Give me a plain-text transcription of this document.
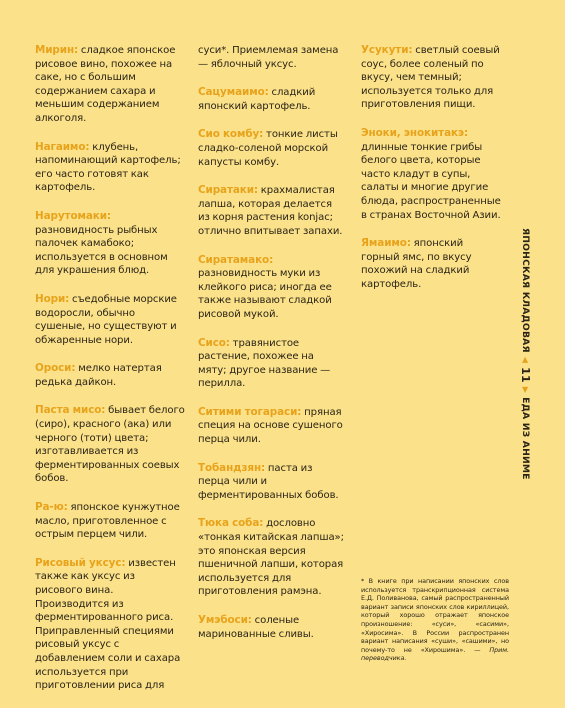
Мирин: сладкое японское рисовое вино, похожее на саке, но с большим содержанием сахара и меньшим содержанием алкоголя.
Нагаимо: клубень, напоминающий картофель; его часто готовят как картофель.
Нарутомаки: разновидность рыбных палочек камабоко; используется в основном для украшения блюд.
Нори: съедобные морские водоросли, обычно сушеные, но существуют и обжаренные нори.
Ороси: мелко натертая редька дайкон.
Паста мисо: бывает белого (сиро), красного (ака) или черного (тоти) цвета; изготавливается из ферментированных соевых бобов.
Ра-ю: японское кунжутное масло, приготовленное с острым перцем чили.
Рисовый уксус: известен также как уксус из рисового вина. Производится из ферментированного риса. Приправленный специями рисовый уксус с добавлением соли и сахара используется при приготовлении риса для
суси*. Приемлемая замена — яблочный уксус.
Сацумаимо: сладкий японский картофель.
Сио комбу: тонкие листы сладко-соленой морской капусты комбу.
Сиратаки: крахмалистая лапша, которая делается из корня растения konjac; отлично впитывает запахи.
Сиратамако: разновидность муки из клейкого риса; иногда ее также называют сладкой рисовой мукой.
Сисо: травянистое растение, похожее на мяту; другое название — перилла.
Ситими тогараси: пряная специя на основе сушеного перца чили.
Тобандзян: паста из перца чили и ферментированных бобов.
Тюка соба: дословно «тонкая китайская лапша»; это японская версия пшеничной лапши, которая используется для приготовления рамэна.
Умэбоси: соленые маринованные сливы.
Усукути: светлый соевый соус, более соленый по вкусу, чем темный; используется только для приготовления пищи.
Эноки, энокитакэ: длинные тонкие грибы белого цвета, которые часто кладут в супы, салаты и многие другие блюда, распространенные в странах Восточной Азии.
Ямаимо: японский горный ямс, по вкусу похожий на сладкий картофель.
* В книге при написании японских слов используется транскрипционная система Е.Д. Поливанова, самый распространенный вариант записи японских слов кириллицей, который хорошо отражает японское произношение: «суси», «сасими», «Хиросима». В России распространен вариант написания «суши», «сашими», но почему-то не «Хирошима». — Прим. переводчика.
ЯПОНСКАЯ КЛАДОВАЯ
◀
11
▶
ЕДА ИЗ АНИМЕ
